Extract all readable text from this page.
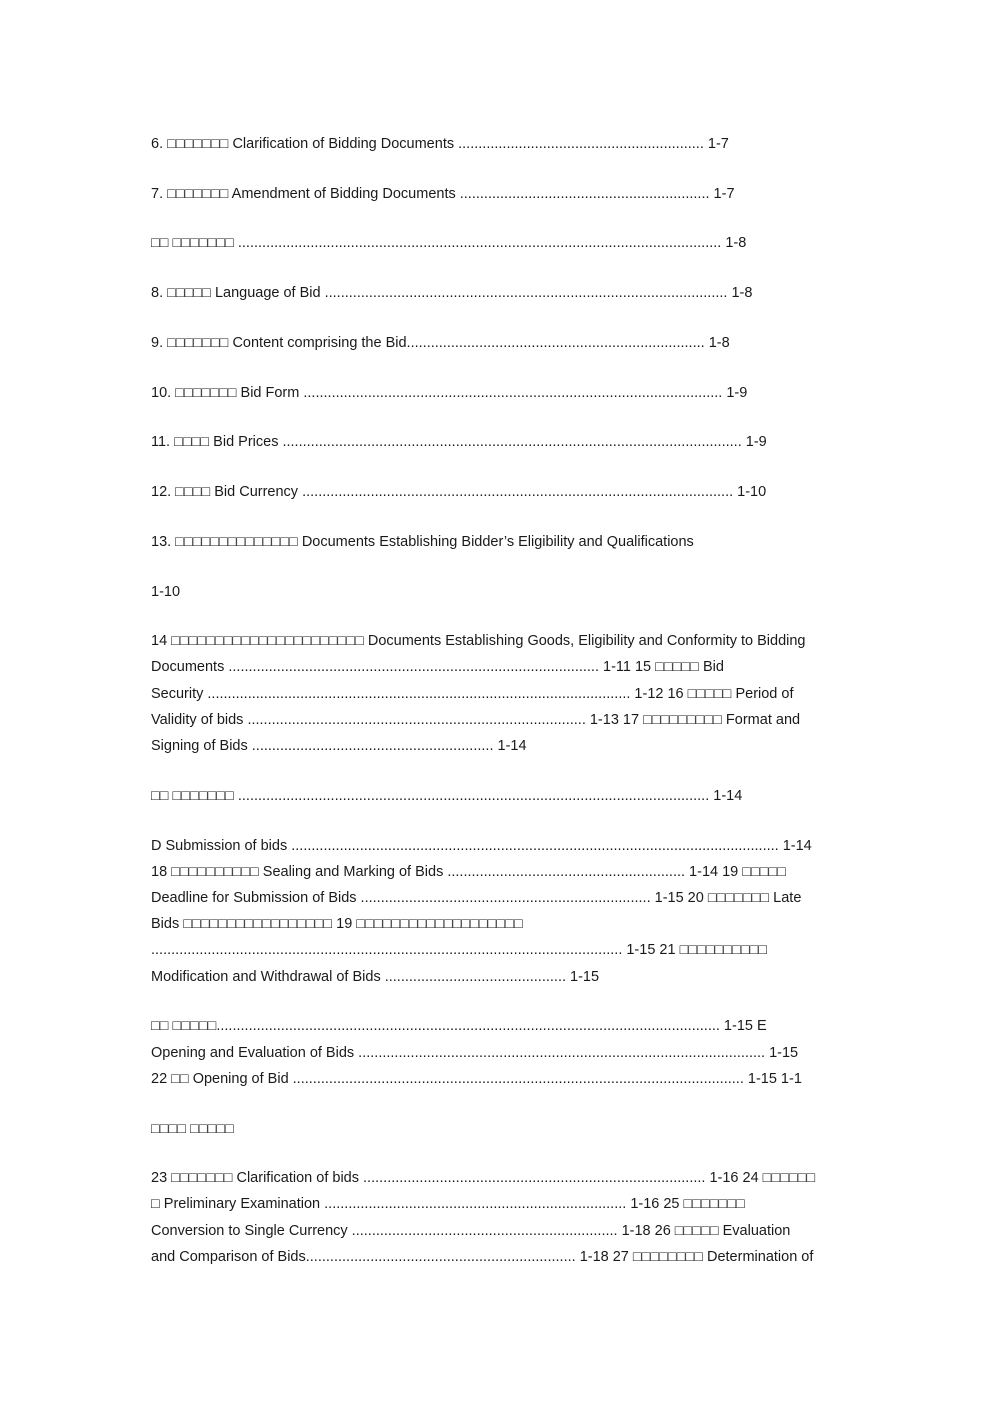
6. □□□□□□□ Clarification of Bidding Documents ............................................................. 1-7
7. □□□□□□□ Amendment of Bidding Documents .............................................................. 1-7
□□ □□□□□□□ ........................................................................................................................ 1-8
8. □□□□□ Language of Bid .................................................................................................... 1-8
9. □□□□□□□ Content comprising the Bid.......................................................................... 1-8
10. □□□□□□□ Bid Form ........................................................................................................ 1-9
11. □□□□ Bid Prices .................................................................................................................. 1-9
12. □□□□ Bid Currency ........................................................................................................... 1-10
13. □□□□□□□□□□□□□□ Documents Establishing Bidder’s Eligibility and Qualifications
1-10
14 □□□□□□□□□□□□□□□□□□□□□□ Documents Establishing Goods, Eligibility and Conformity to Bidding
Documents ............................................................................................ 1-11 15 □□□□□ Bid
Security ......................................................................................................... 1-12 16 □□□□□ Period of
Validity of bids .................................................................................... 1-13 17 □□□□□□□□□ Format and
Signing of Bids ............................................................ 1-14
□□ □□□□□□□ ..................................................................................................................... 1-14
D Submission of bids ......................................................................................................................... 1-14
18 □□□□□□□□□□ Sealing and Marking of Bids ........................................................... 1-14 19 □□□□□
Deadline for Submission of Bids ........................................................................ 1-15 20 □□□□□□□ Late
Bids □□□□□□□□□□□□□□□□□ 19 □□□□□□□□□□□□□□□□□□□
..................................................................................................................... 1-15 21 □□□□□□□□□□
Modification and Withdrawal of Bids ............................................. 1-15
□□ □□□□□............................................................................................................................. 1-15 E
Opening and Evaluation of Bids ..................................................................................................... 1-15
22 □□ Opening of Bid ................................................................................................................ 1-15 1-1
□□□□ □□□□□
23 □□□□□□□ Clarification of bids ..................................................................................... 1-16 24 □□□□□□
□ Preliminary Examination ........................................................................... 1-16 25 □□□□□□□
Conversion to Single Currency .................................................................. 1-18 26 □□□□□ Evaluation
and Comparison of Bids................................................................... 1-18 27 □□□□□□□□ Determination of
